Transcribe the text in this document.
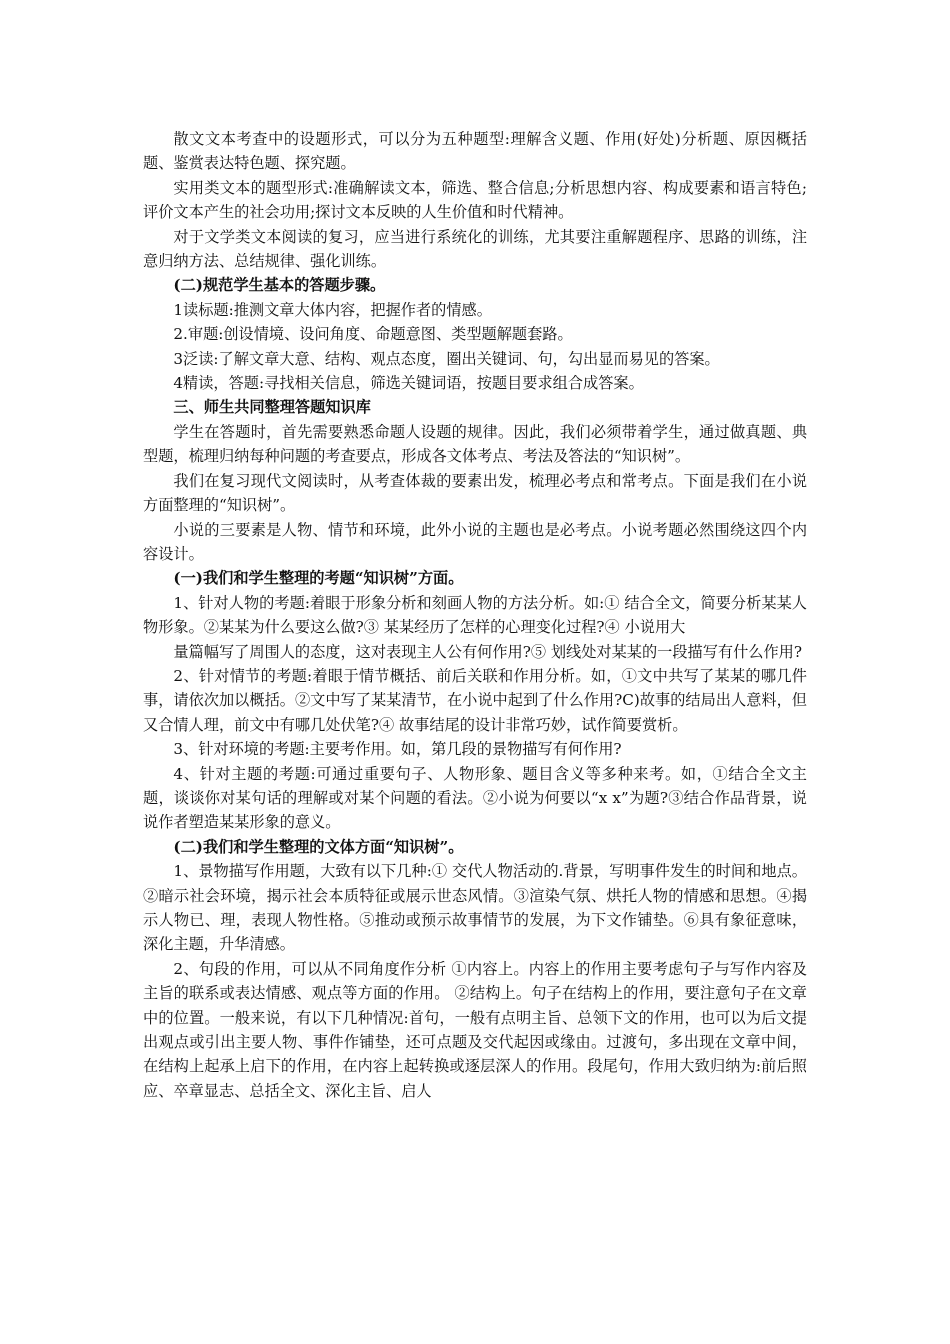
散文文本考查中的设题形式，可以分为五种题型:理解含义题、作用(好处)分析题、原因概括题、鉴赏表达特色题、探究题。

实用类文本的题型形式:准确解读文本，筛选、整合信息;分析思想内容、构成要素和语言特色;评价文本产生的社会功用;探讨文本反映的人生价值和时代精神。

对于文学类文本阅读的复习，应当进行系统化的训练，尤其要注重解题程序、思路的训练，注意归纳方法、总结规律、强化训练。

(二)规范学生基本的答题步骤。

1读标题:推测文章大体内容，把握作者的情感。

2.审题:创设情境、设问角度、命题意图、类型题解题套路。

3泛读:了解文章大意、结构、观点态度，圈出关键词、句，勾出显而易见的答案。

4精读，答题:寻找相关信息，筛选关键词语，按题目要求组合成答案。

三、师生共同整理答题知识库

学生在答题时，首先需要熟悉命题人设题的规律。因此，我们必须带着学生，通过做真题、典型题，梳理归纳每种问题的考查要点，形成各文体考点、考法及答法的“知识树”。

我们在复习现代文阅读时，从考查体裁的要素出发，梳理必考点和常考点。下面是我们在小说方面整理的“知识树”。

小说的三要素是人物、情节和环境，此外小说的主题也是必考点。小说考题必然围绕这四个内容设计。

(一)我们和学生整理的考题“知识树”方面。

1、针对人物的考题:着眼于形象分析和刻画人物的方法分析。如:① 结合全文，简要分析某某人物形象。②某某为什么要这么做?③ 某某经历了怎样的心理变化过程?④ 小说用大

量篇幅写了周围人的态度，这对表现主人公有何作用?⑤ 划线处对某某的一段描写有什么作用?

2、针对情节的考题:着眼于情节概括、前后关联和作用分析。如，①文中共写了某某的哪几件事，请依次加以概括。②文中写了某某清节，在小说中起到了什么作用?C)故事的结局出人意料，但又合情人理，前文中有哪几处伏笔?④ 故事结尾的设计非常巧妙，试作简要赏析。

3、针对环境的考题:主要考作用。如，第几段的景物描写有何作用?

4、针对主题的考题:可通过重要句子、人物形象、题目含义等多种来考。如，①结合全文主题，谈谈你对某句话的理解或对某个问题的看法。②小说为何要以“x x”为题?③结合作品背景，说说作者塑造某某形象的意义。

(二)我们和学生整理的文体方面“知识树”。

1、景物描写作用题，大致有以下几种:① 交代人物活动的.背景，写明事件发生的时间和地点。②暗示社会环境，揭示社会本质特征或展示世态风情。③渲染气氛、烘托人物的情感和思想。④揭示人物已、理，表现人物性格。⑤推动或预示故事情节的发展，为下文作铺垫。⑥具有象征意味，深化主题，升华清感。

2、句段的作用，可以从不同角度作分析 ①内容上。内容上的作用主要考虑句子与写作内容及主旨的联系或表达情感、观点等方面的作用。 ②结构上。句子在结构上的作用，要注意句子在文章中的位置。一般来说，有以下几种情况:首句，一般有点明主旨、总领下文的作用，也可以为后文提出观点或引出主要人物、事件作铺垫，还可点题及交代起因或缘由。过渡句，多出现在文章中间，在结构上起承上启下的作用，在内容上起转换或逐层深人的作用。段尾句，作用大致归纳为:前后照应、卒章显志、总括全文、深化主旨、启人
